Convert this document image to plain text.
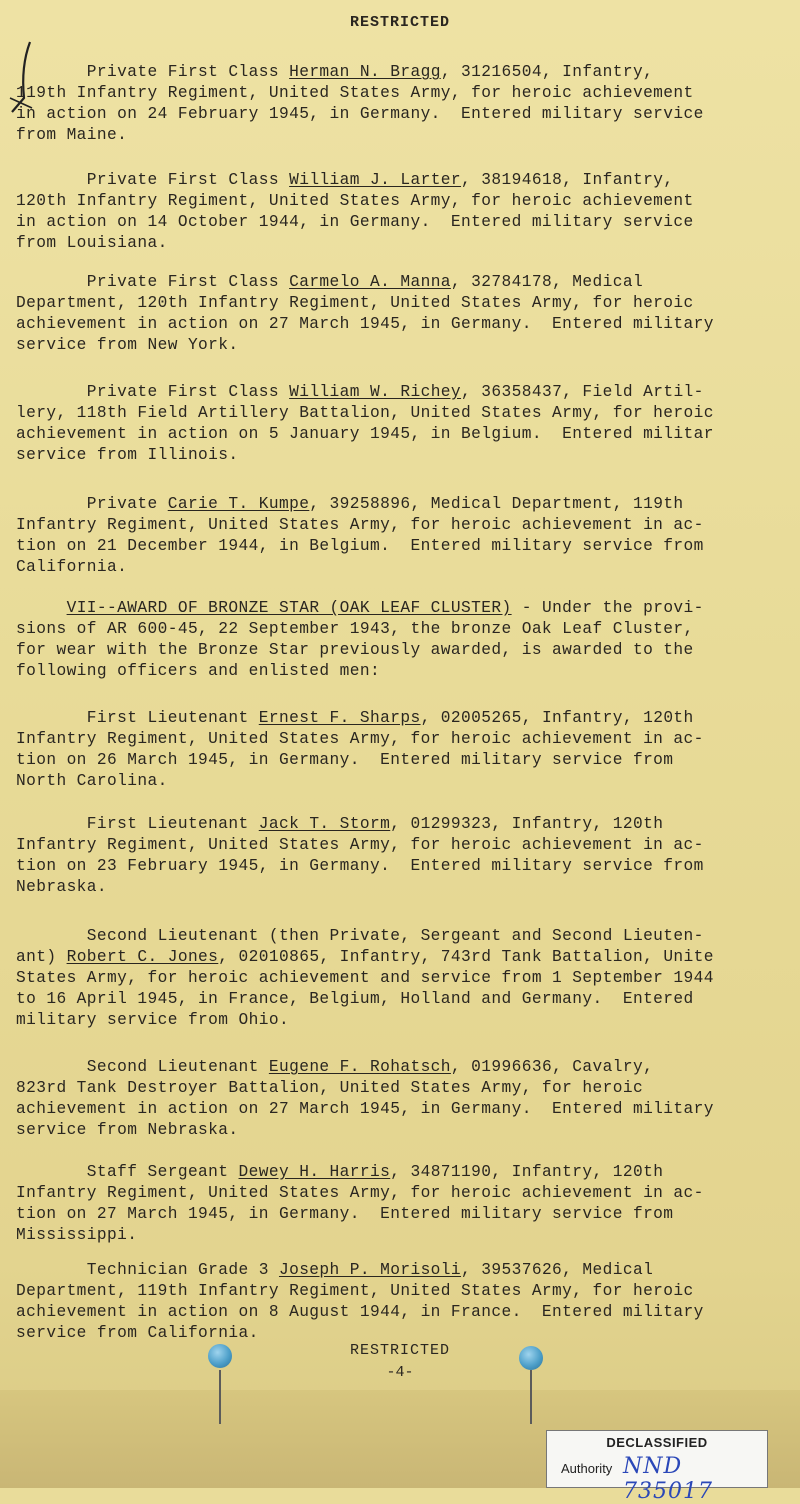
RESTRICTED
Private First Class Herman N. Bragg, 31216504, Infantry,
119th Infantry Regiment, United States Army, for heroic achievement
in action on 24 February 1945, in Germany.  Entered military service
from Maine.
Private First Class William J. Larter, 38194618, Infantry,
120th Infantry Regiment, United States Army, for heroic achievement
in action on 14 October 1944, in Germany.  Entered military service
from Louisiana.
Private First Class Carmelo A. Manna, 32784178, Medical
Department, 120th Infantry Regiment, United States Army, for heroic
achievement in action on 27 March 1945, in Germany.  Entered military
service from New York.
Private First Class William W. Richey, 36358437, Field Artil-
lery, 118th Field Artillery Battalion, United States Army, for heroic
achievement in action on 5 January 1945, in Belgium.  Entered militar
service from Illinois.
Private Carie T. Kumpe, 39258896, Medical Department, 119th
Infantry Regiment, United States Army, for heroic achievement in ac-
tion on 21 December 1944, in Belgium.  Entered military service from
California.
VII--AWARD OF BRONZE STAR (OAK LEAF CLUSTER) - Under the provi-
sions of AR 600-45, 22 September 1943, the bronze Oak Leaf Cluster,
for wear with the Bronze Star previously awarded, is awarded to the
following officers and enlisted men:
First Lieutenant Ernest F. Sharps, 02005265, Infantry, 120th
Infantry Regiment, United States Army, for heroic achievement in ac-
tion on 26 March 1945, in Germany.  Entered military service from
North Carolina.
First Lieutenant Jack T. Storm, 01299323, Infantry, 120th
Infantry Regiment, United States Army, for heroic achievement in ac-
tion on 23 February 1945, in Germany.  Entered military service from
Nebraska.
Second Lieutenant (then Private, Sergeant and Second Lieuten-
ant) Robert C. Jones, 02010865, Infantry, 743rd Tank Battalion, Unite
States Army, for heroic achievement and service from 1 September 1944
to 16 April 1945, in France, Belgium, Holland and Germany.  Entered
military service from Ohio.
Second Lieutenant Eugene F. Rohatsch, 01996636, Cavalry,
823rd Tank Destroyer Battalion, United States Army, for heroic
achievement in action on 27 March 1945, in Germany.  Entered military
service from Nebraska.
Staff Sergeant Dewey H. Harris, 34871190, Infantry, 120th
Infantry Regiment, United States Army, for heroic achievement in ac-
tion on 27 March 1945, in Germany.  Entered military service from
Mississippi.
Technician Grade 3 Joseph P. Morisoli, 39537626, Medical
Department, 119th Infantry Regiment, United States Army, for heroic
achievement in action on 8 August 1944, in France.  Entered military
service from California.
RESTRICTED
-4-
DECLASSIFIED
Authority NND 735017
